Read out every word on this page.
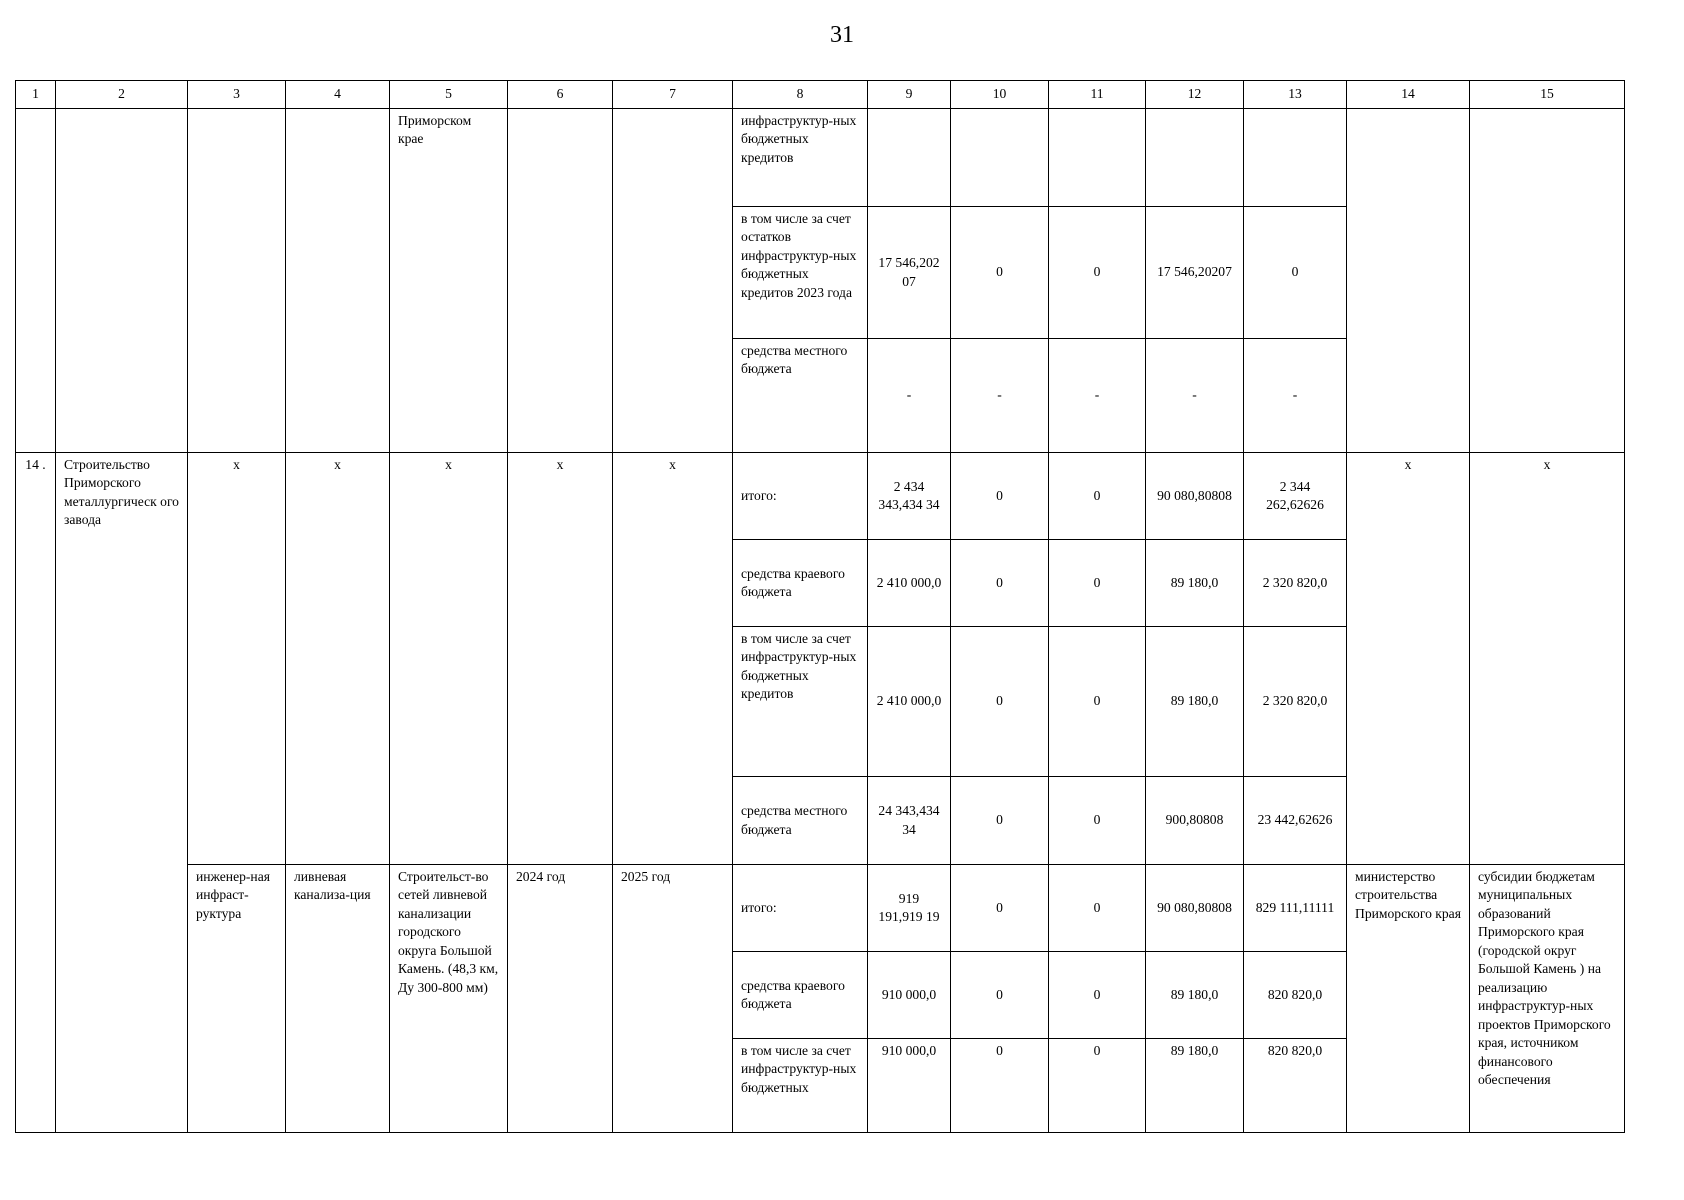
31
1	2	3	4	5	6	7	8	9	10	11	12	13	14	15
				Приморском крае			инфраструктур-ных бюджетных кредитов							
							в том числе за счет остатков инфраструктур-ных бюджетных кредитов 2023 года	17 546,202 07	0	0	17 546,20207	0		
							средства местного бюджета	-	-	-	-	-		
14 .	Строительство Приморского металлургическ ого завода	х	х	х	х	х	итого:	2 434 343,434 34	0	0	90 080,80808	2 344 262,62626	х	х
							средства краевого бюджета	2 410 000,0	0	0	89 180,0	2 320 820,0		
							в том числе за счет инфраструктур-ных бюджетных кредитов	2 410 000,0	0	0	89 180,0	2 320 820,0		
							средства местного бюджета	24 343,434 34	0	0	900,80808	23 442,62626		
		инженер-ная инфраст-руктура	ливневая канализа-ция	Строительст-во сетей ливневой канализации городского округа Большой Камень. (48,3 км, Ду 300-800 мм)	2024 год	2025 год	итого:	919 191,919 19	0	0	90 080,80808	829 111,11111	министерство строительства Приморского края	субсидии бюджетам муниципальных образований Приморского края (городской округ Большой Камень ) на реализацию инфраструктур-ных проектов Приморского края, источником финансового обеспечения
							средства краевого бюджета	910 000,0	0	0	89 180,0	820 820,0		
							в том числе за счет инфраструктур-ных бюджетных	910 000,0	0	0	89 180,0	820 820,0		
